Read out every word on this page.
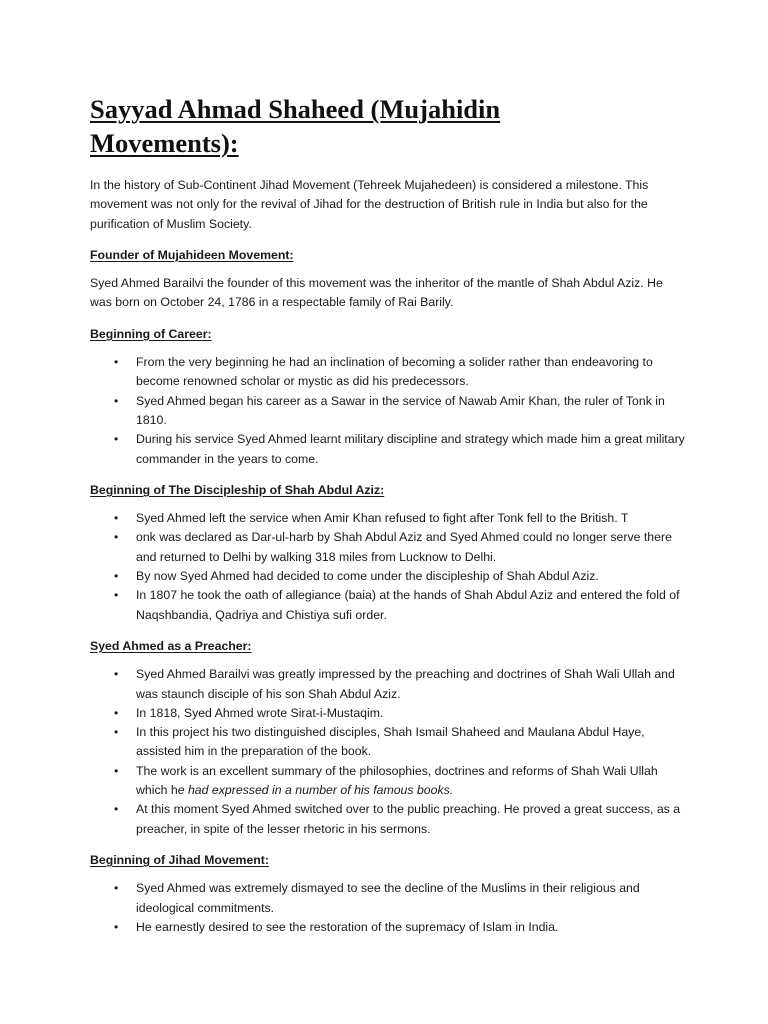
Sayyad Ahmad Shaheed (Mujahidin
Movements):

In the history of Sub-Continent Jihad Movement (Tehreek Mujahedeen) is considered a milestone. This movement was not only for the revival of Jihad for the destruction of British rule in India but also for the purification of Muslim Society.

Founder of Mujahideen Movement:

Syed Ahmed Barailvi the founder of this movement was the inheritor of the mantle of Shah Abdul Aziz. He was born on October 24, 1786 in a respectable family of Rai Barily.

Beginning of Career:
• From the very beginning he had an inclination of becoming a solider rather than endeavoring to become renowned scholar or mystic as did his predecessors.
• Syed Ahmed began his career as a Sawar in the service of Nawab Amir Khan, the ruler of Tonk in 1810.
• During his service Syed Ahmed learnt military discipline and strategy which made him a great military commander in the years to come.
Beginning of The Discipleship of Shah Abdul Aziz:
• Syed Ahmed left the service when Amir Khan refused to fight after Tonk fell to the British. T
• onk was declared as Dar-ul-harb by Shah Abdul Aziz and Syed Ahmed could no longer serve there and returned to Delhi by walking 318 miles from Lucknow to Delhi.
• By now Syed Ahmed had decided to come under the discipleship of Shah Abdul Aziz.
• In 1807 he took the oath of allegiance (baia) at the hands of Shah Abdul Aziz and entered the fold of Naqshbandia, Qadriya and Chistiya sufi order.
Syed Ahmed as a Preacher:
• Syed Ahmed Barailvi was greatly impressed by the preaching and doctrines of Shah Wali Ullah and was staunch disciple of his son Shah Abdul Aziz.
• In 1818, Syed Ahmed wrote Sirat-i-Mustaqim.
• In this project his two distinguished disciples, Shah Ismail Shaheed and Maulana Abdul Haye, assisted him in the preparation of the book.
• The work is an excellent summary of the philosophies, doctrines and reforms of Shah Wali Ullah which he had expressed in a number of his famous books.
• At this moment Syed Ahmed switched over to the public preaching. He proved a great success, as a preacher, in spite of the lesser rhetoric in his sermons.
Beginning of Jihad Movement:
• Syed Ahmed was extremely dismayed to see the decline of the Muslims in their religious and ideological commitments.
• He earnestly desired to see the restoration of the supremacy of Islam in India.
